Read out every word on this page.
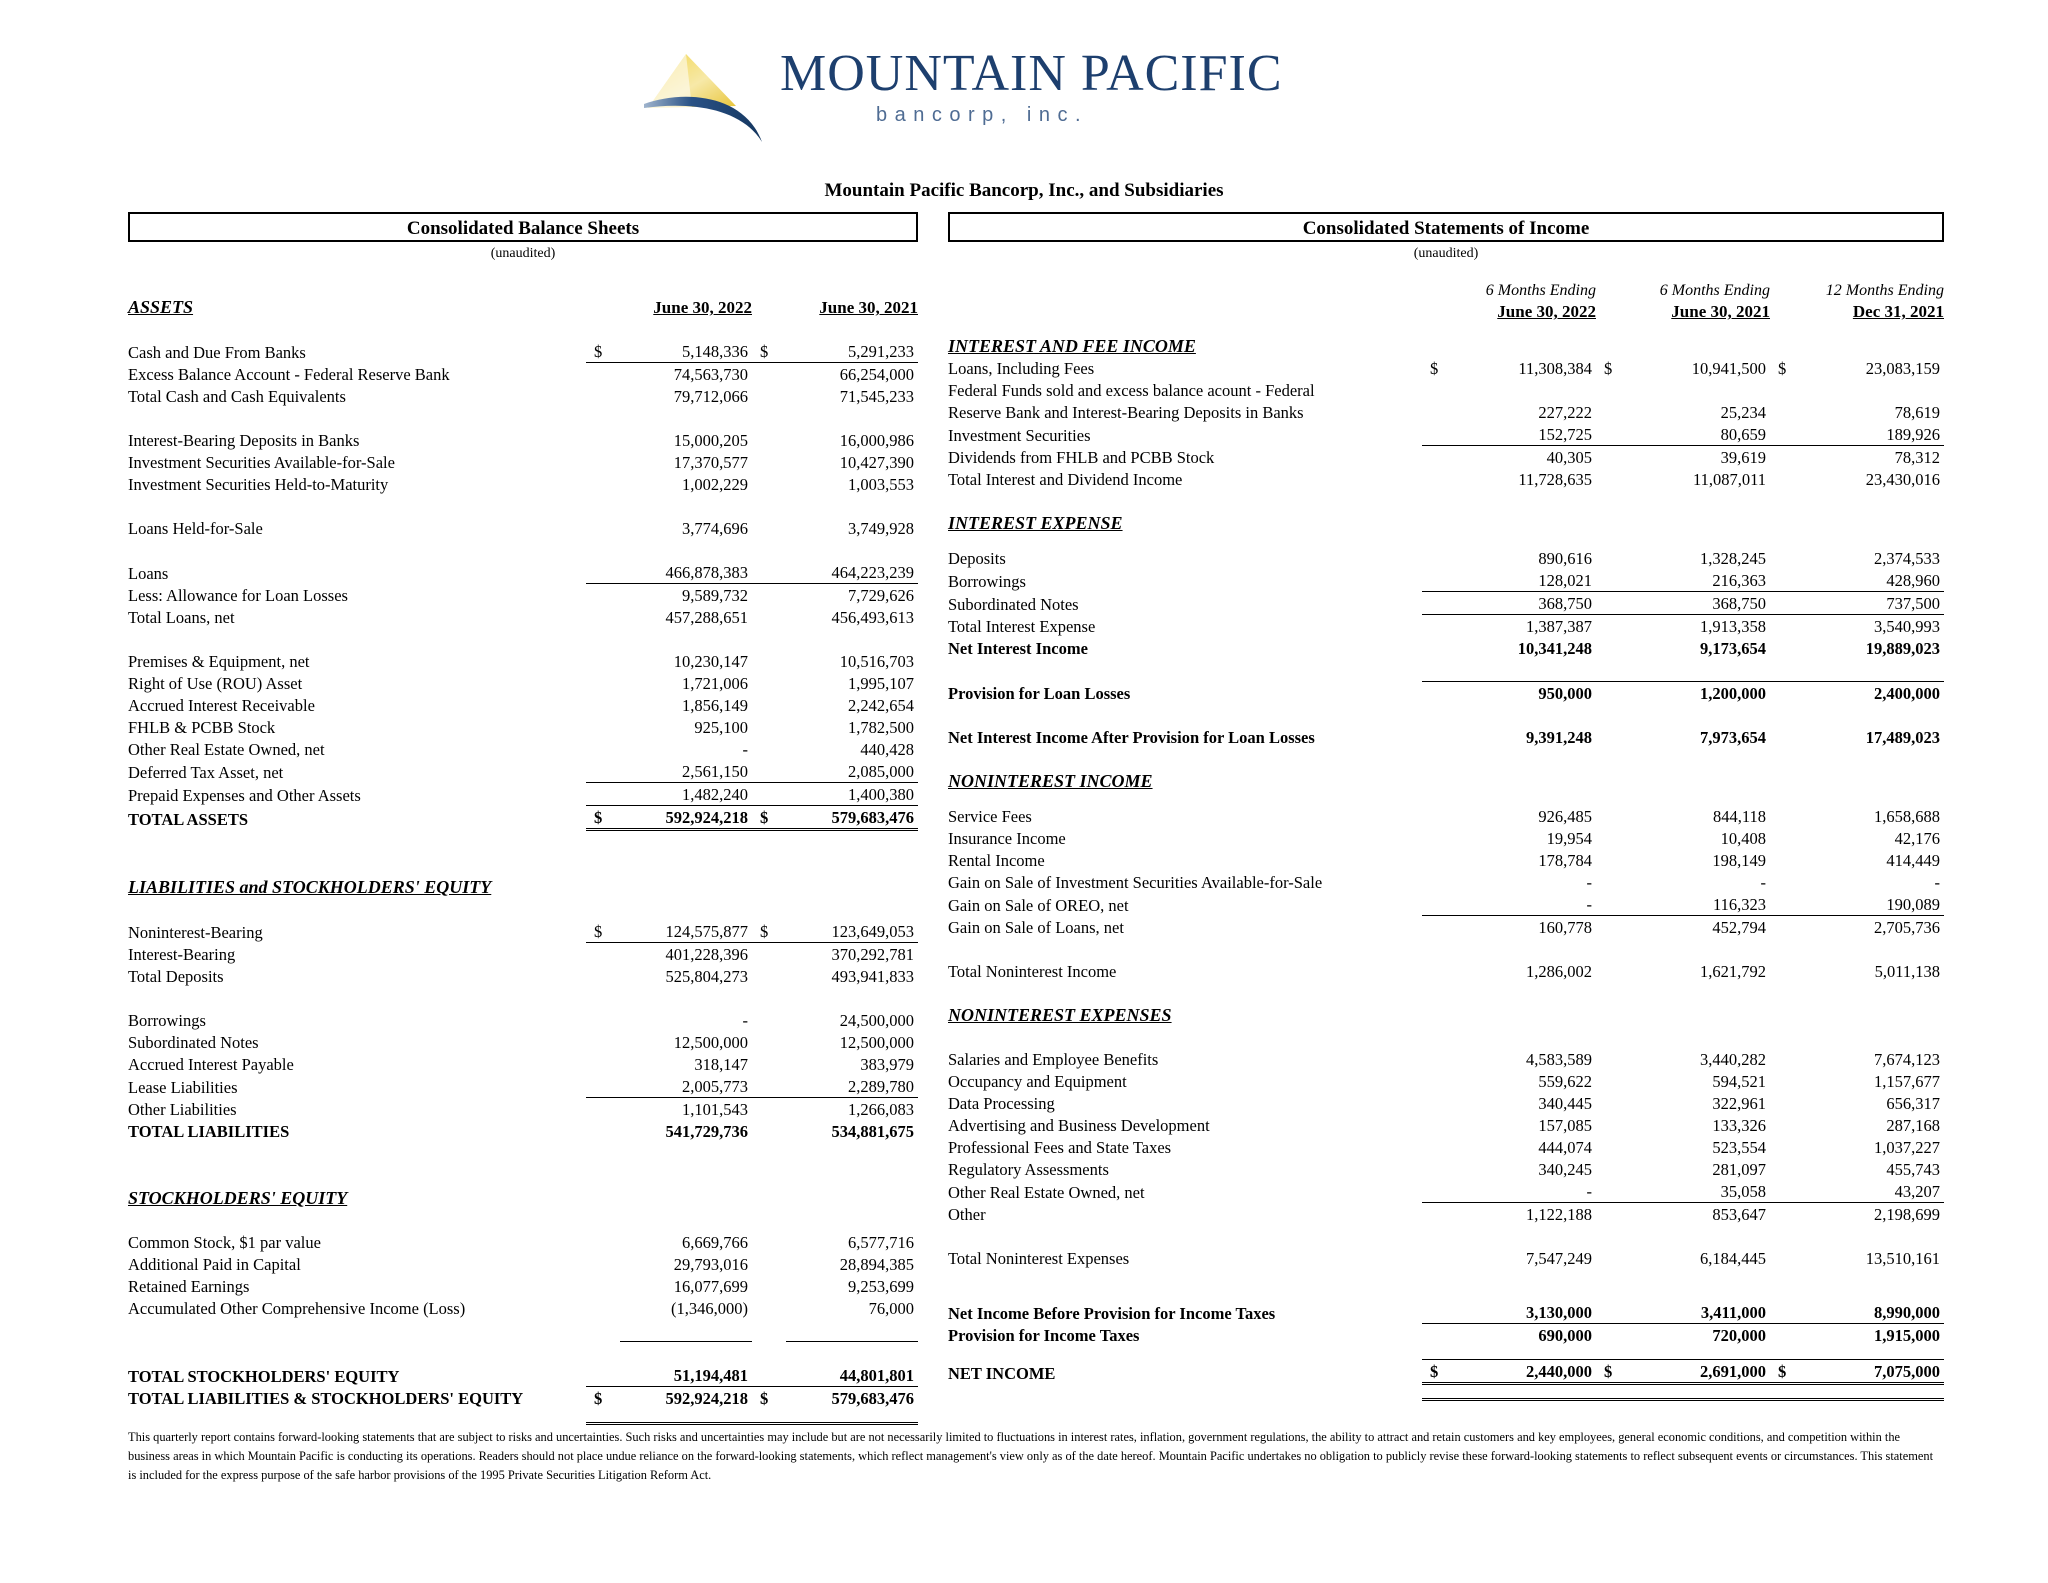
MOUNTAIN PACIFIC
bancorp, inc.
Mountain Pacific Bancorp, Inc., and Subsidiaries
Consolidated Balance Sheets
(unaudited)
Consolidated Statements of Income
(unaudited)
ASSETS		June 30, 2022		June 30, 2021

Cash and Due From Banks	$	5,148,336	$	5,291,233
Excess Balance Account - Federal Reserve Bank		74,563,730		66,254,000
Total Cash and Cash Equivalents		79,712,066		71,545,233

Interest-Bearing Deposits in Banks		15,000,205		16,000,986
Investment Securities Available-for-Sale		17,370,577		10,427,390
Investment Securities Held-to-Maturity		1,002,229		1,003,553

Loans Held-for-Sale		3,774,696		3,749,928

Loans		466,878,383		464,223,239
Less: Allowance for Loan Losses		9,589,732		7,729,626
Total Loans, net		457,288,651		456,493,613

Premises & Equipment, net		10,230,147		10,516,703
Right of Use (ROU) Asset		1,721,006		1,995,107
Accrued Interest Receivable		1,856,149		2,242,654
FHLB & PCBB Stock		925,100		1,782,500
Other Real Estate Owned, net		-		440,428
Deferred Tax Asset, net		2,561,150		2,085,000
Prepaid Expenses and Other Assets		1,482,240		1,400,380
TOTAL ASSETS	$	592,924,218	$	579,683,476

LIABILITIES and STOCKHOLDERS' EQUITY				

Noninterest-Bearing	$	124,575,877	$	123,649,053
Interest-Bearing		401,228,396		370,292,781
Total Deposits		525,804,273		493,941,833

Borrowings		-		24,500,000
Subordinated Notes		12,500,000		12,500,000
Accrued Interest Payable		318,147		383,979
Lease Liabilities		2,005,773		2,289,780
Other Liabilities		1,101,543		1,266,083
TOTAL LIABILITIES		541,729,736		534,881,675

STOCKHOLDERS' EQUITY				

Common Stock, $1 par value		6,669,766		6,577,716
Additional Paid in Capital		29,793,016		28,894,385
Retained Earnings		16,077,699		9,253,699
Accumulated Other Comprehensive Income (Loss)		(1,346,000)		76,000

TOTAL STOCKHOLDERS' EQUITY		51,194,481		44,801,801
TOTAL LIABILITIES & STOCKHOLDERS' EQUITY	$	592,924,218	$	579,683,476

		6 Months Ending		6 Months Ending		12 Months Ending
		June 30, 2022		June 30, 2021		Dec 31, 2021

INTEREST AND FEE INCOME						
Loans, Including Fees	$	11,308,384	$	10,941,500	$	23,083,159
Federal Funds sold and excess balance acount - Federal						
Reserve Bank and Interest-Bearing Deposits in Banks		227,222		25,234		78,619
Investment Securities		152,725		80,659		189,926
Dividends from FHLB and PCBB Stock		40,305		39,619		78,312
Total Interest and Dividend Income		11,728,635		11,087,011		23,430,016

INTEREST EXPENSE						

Deposits		890,616		1,328,245		2,374,533
Borrowings		128,021		216,363		428,960
Subordinated Notes		368,750		368,750		737,500
Total Interest Expense		1,387,387		1,913,358		3,540,993
Net Interest Income		10,341,248		9,173,654		19,889,023

Provision for Loan Losses		950,000		1,200,000		2,400,000

Net Interest Income After Provision for Loan Losses		9,391,248		7,973,654		17,489,023

NONINTEREST INCOME						

Service Fees		926,485		844,118		1,658,688
Insurance Income		19,954		10,408		42,176
Rental Income		178,784		198,149		414,449
Gain on Sale of Investment Securities Available-for-Sale		-		-		-
Gain on Sale of OREO, net		-		116,323		190,089
Gain on Sale of Loans, net		160,778		452,794		2,705,736

Total Noninterest Income		1,286,002		1,621,792		5,011,138

NONINTEREST EXPENSES						

Salaries and Employee Benefits		4,583,589		3,440,282		7,674,123
Occupancy and Equipment		559,622		594,521		1,157,677
Data Processing		340,445		322,961		656,317
Advertising and Business Development		157,085		133,326		287,168
Professional Fees and State Taxes		444,074		523,554		1,037,227
Regulatory Assessments		340,245		281,097		455,743
Other Real Estate Owned, net		-		35,058		43,207
Other		1,122,188		853,647		2,198,699

Total Noninterest Expenses		7,547,249		6,184,445		13,510,161

Net Income Before Provision for Income Taxes		3,130,000		3,411,000		8,990,000
Provision for Income Taxes		690,000		720,000		1,915,000

NET INCOME	$	2,440,000	$	2,691,000	$	7,075,000

This quarterly report contains forward-looking statements that are subject to risks and uncertainties. Such risks and uncertainties may include but are not necessarily limited to fluctuations in interest rates, inflation, government regulations, the ability to attract and retain customers and key employees, general economic conditions, and competition within the business areas in which Mountain Pacific is conducting its operations. Readers should not place undue reliance on the forward-looking statements, which reflect management's view only as of the date hereof. Mountain Pacific undertakes no obligation to publicly revise these forward-looking statements to reflect subsequent events or circumstances. This statement is included for the express purpose of the safe harbor provisions of the 1995 Private Securities Litigation Reform Act.
